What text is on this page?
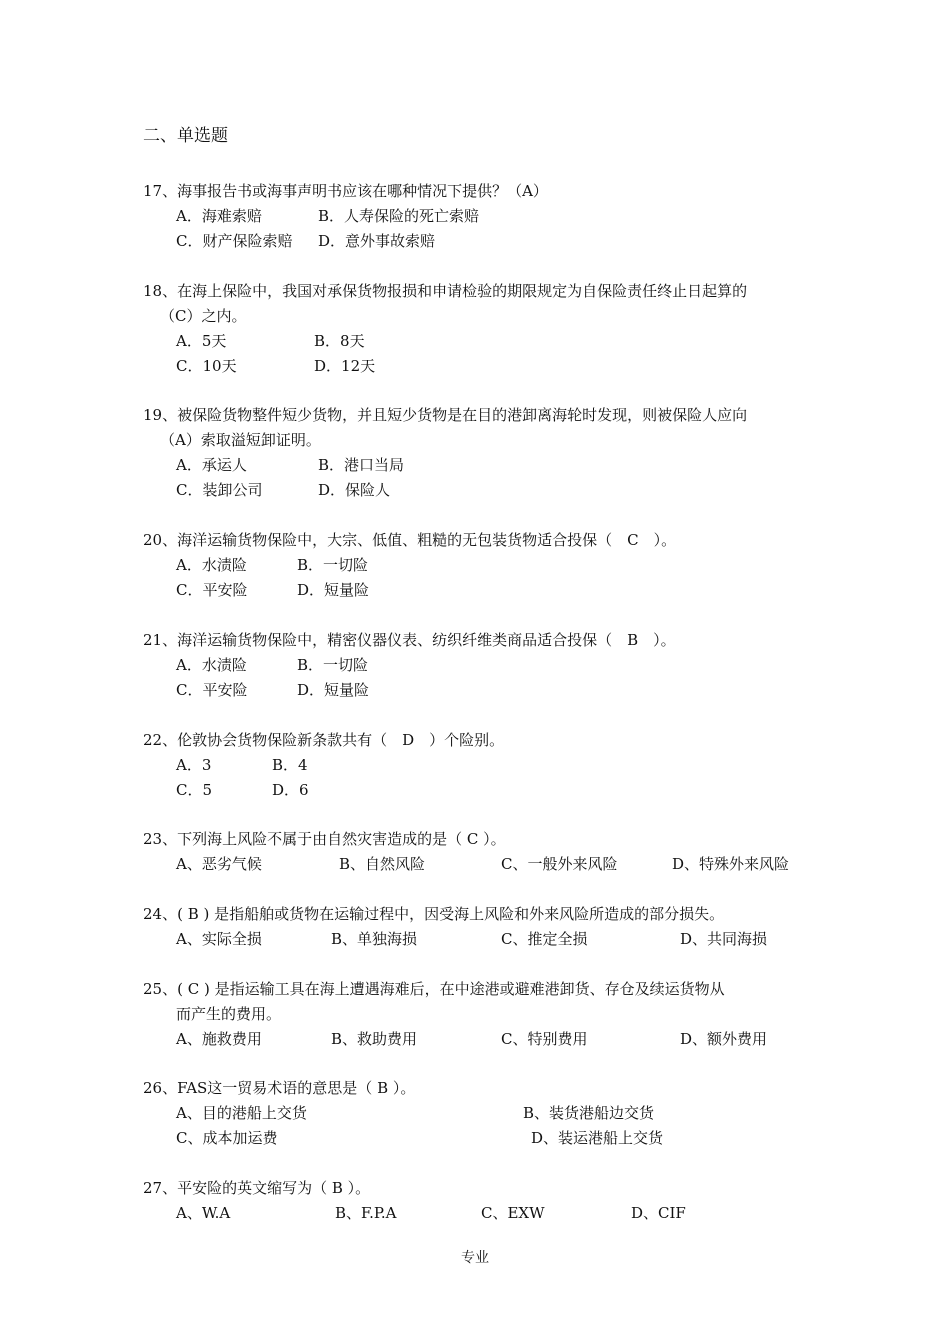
二、单选题
17、海事报告书或海事声明书应该在哪种情况下提供？（A）
A．海难索赔	B．人寿保险的死亡索赔
C．财产保险索赔 D．意外事故索赔
18、在海上保险中，我国对承保货物报损和申请检验的期限规定为自保险责任终止日起算的
（C）之内。
A．5天	B．8天
C．10天	D．12天
19、被保险货物整件短少货物，并且短少货物是在目的港卸离海轮时发现，则被保险人应向
（A）索取溢短卸证明。
A．承运人	B．港口当局
C．装卸公司	D．保险人
20、海洋运输货物保险中，大宗、低值、粗糙的无包装货物适合投保（　C　）。
A．水渍险	B．一切险
C．平安险	D．短量险
21、海洋运输货物保险中，精密仪器仪表、纺织纤维类商品适合投保（　B　）。
A．水渍险	B．一切险
C．平安险	D．短量险
22、伦敦协会货物保险新条款共有（　D　）个险别。
A．3	B．4
C．5	D．6
23、下列海上风险不属于由自然灾害造成的是（ C ）。
A、恶劣气候	B、自然风险	C、一般外来风险	D、特殊外来风险
24、( B ) 是指船舶或货物在运输过程中，因受海上风险和外来风险所造成的部分损失。
A、实际全损	B、单独海损	C、推定全损	D、共同海损
25、( C ) 是指运输工具在海上遭遇海难后，在中途港或避难港卸货、存仓及续运货物从
而产生的费用。
A、施救费用	B、救助费用	C、特别费用	D、额外费用
26、FAS这一贸易术语的意思是（ B ）。
A、目的港船上交货	B、装货港船边交货
C、成本加运费	D、装运港船上交货
27、平安险的英文缩写为（ B ）。
A、W.A	B、F.P.A	C、EXW	D、CIF
专业
